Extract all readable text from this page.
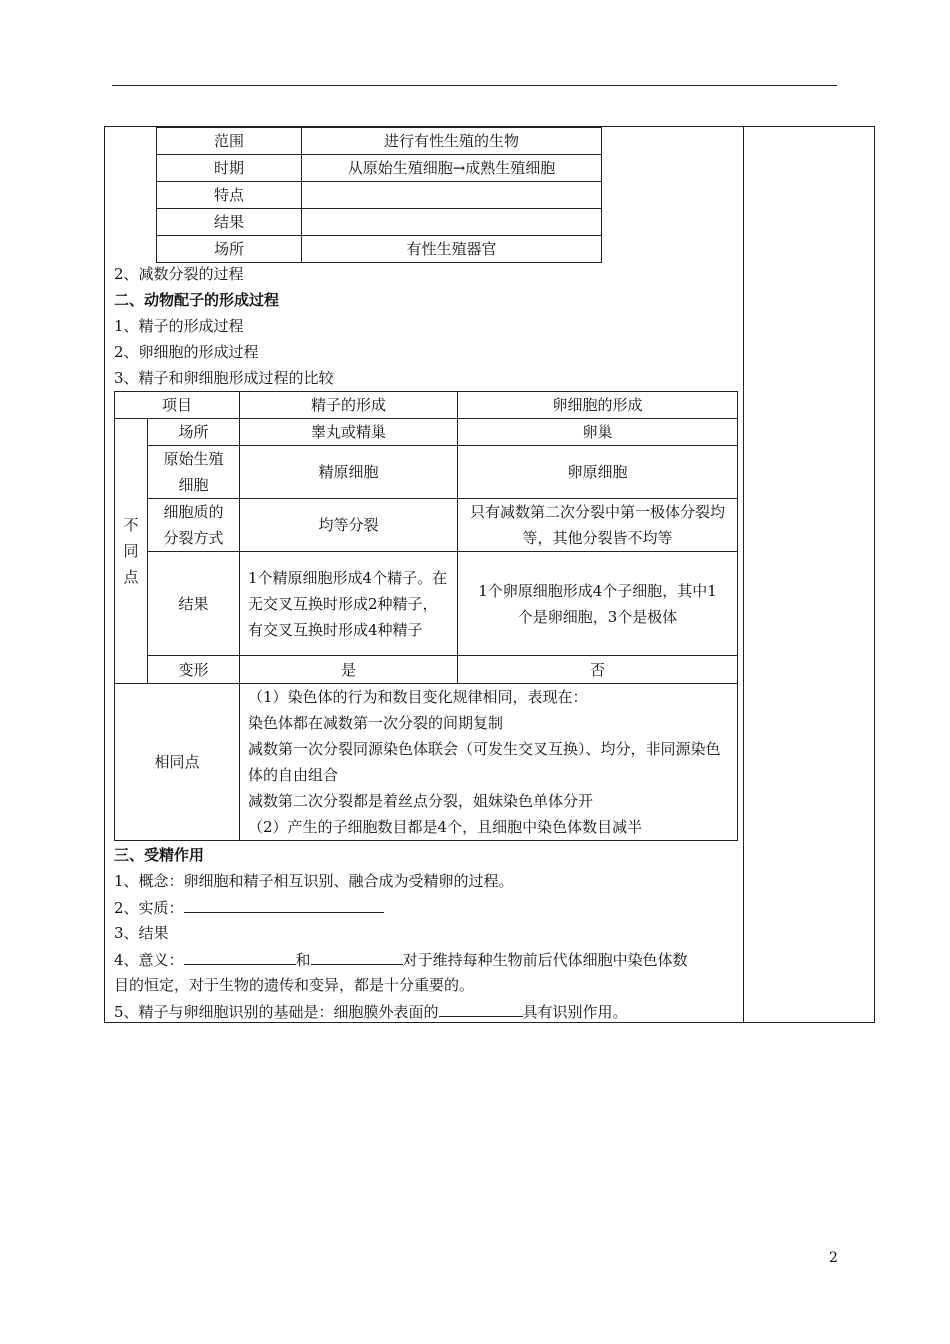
范围	进行有性生殖的生物
时期	从原始生殖细胞→成熟生殖细胞
特点	
结果	
场所	有性生殖器官
2、减数分裂的过程
二、动物配子的形成过程
1、精子的形成过程
2、卵细胞的形成过程
3、精子和卵细胞形成过程的比较
项目		精子的形成	卵细胞的形成
不同点	场所	睾丸或精巢	卵巢
	原始生殖细胞	精原细胞	卵原细胞
	细胞质的分裂方式	均等分裂	只有减数第二次分裂中第一极体分裂均等，其他分裂皆不均等
	结果	1个精原细胞形成4个精子。在无交叉互换时形成2种精子，有交叉互换时形成4种精子	1个卵原细胞形成4个子细胞，其中1个是卵细胞，3个是极体
	变形	是	否
相同点		（1）染色体的行为和数目变化规律相同，表现在：
染色体都在减数第一次分裂的间期复制
减数第一次分裂同源染色体联会（可发生交叉互换）、均分，非同源染色体的自由组合
减数第二次分裂都是着丝点分裂，姐妹染色单体分开
（2）产生的子细胞数目都是4个，且细胞中染色体数目减半	
三、受精作用
1、概念：卵细胞和精子相互识别、融合成为受精卵的过程。
2、实质：
3、结果
4、意义：	和	对于维持每种生物前后代体细胞中染色体数
目的恒定，对于生物的遗传和变异，都是十分重要的。
5、精子与卵细胞识别的基础是：细胞膜外表面的	具有识别作用。
2
